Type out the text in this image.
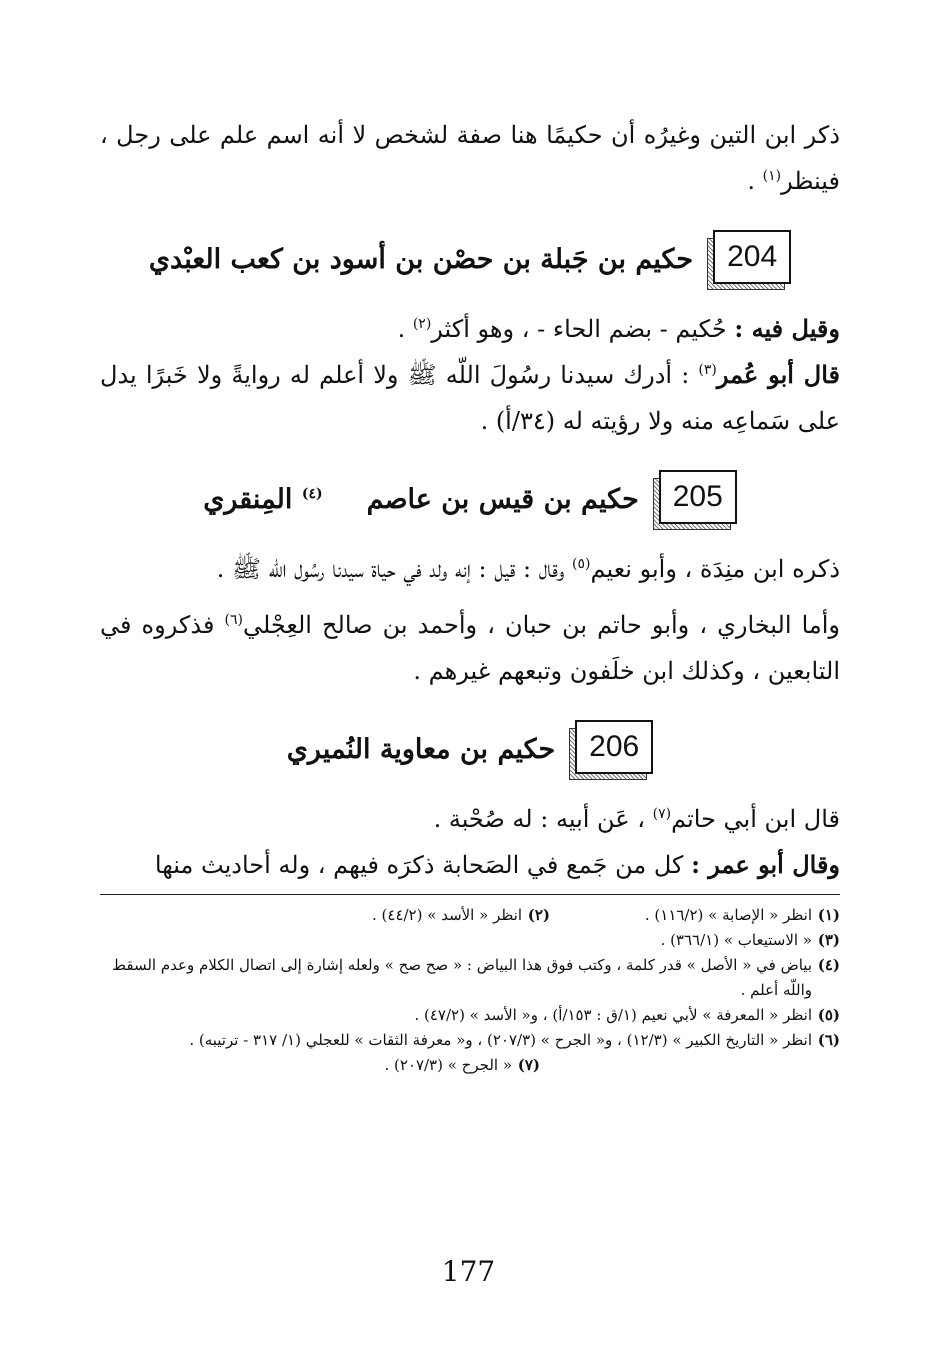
ذكر ابن التين وغيرُه أن حكيمًا هنا صفة لشخص لا أنه اسم علم على رجل ، فينظر$^{(١)}$ .

204
حكيم بن جَبلة بن حصْن بن أسود بن كعب العبْدي

وقيل فيه : حُكيم - بضم الحاء - ، وهو أكثر$^{(٢)}$ .

قال أبو عُمر$^{(٣)}$ : أدرك سيدنا رسُولَ اللّه ﷺ ولا أعلم له روايةً ولا خَبرًا يدل على سَماعِه منه ولا رؤيته له (٣٤/أ) .

205
حكيم بن قيس بن عاصم$^{(٤)}$ المِنقري

ذكره ابن منِدَة ، وأبو نعيم$^{(٥)}$ وقال : قيل : إنه ولد في حياة سيدنا رسُول اللّه ﷺ .

وأما البخاري ، وأبو حاتم بن حبان ، وأحمد بن صالح العِجْلي$^{(٦)}$ فذكروه في التابعين ، وكذلك ابن خلَفون وتبعهم غيرهم .

206
حكيم بن معاوية النُميري

قال ابن أبي حاتم$^{(٧)}$ ، عَن أبيه : له صُحْبة .

وقال أبو عمر : كل من جَمع في الصَحابة ذكرَه فيهم ، وله أحاديث منها

(١)
انظر « الإصابة » (١١٦/٢) .
(٢)
انظر « الأسد » (٤٤/٢) .
(٣)
« الاستيعاب » (٣٦٦/١) .
(٤)
بياض في « الأصل » قدر كلمة ، وكتب فوق هذا البياض : « صح صح » ولعله إشارة إلى اتصال الكلام وعدم السقط واللّه أعلم .
(٥)
انظر « المعرفة » لأبي نعيم (١/ق : ١٥٣/أ) ، و« الأسد » (٤٧/٢) .
(٦)
انظر « التاريخ الكبير » (١٢/٣) ، و« الجرح » (٢٠٧/٣) ، و« معرفة الثقات » للعجلي (١/ ٣١٧ - ترتيبه) .
(٧)
« الجرح » (٢٠٧/٣) .
177
